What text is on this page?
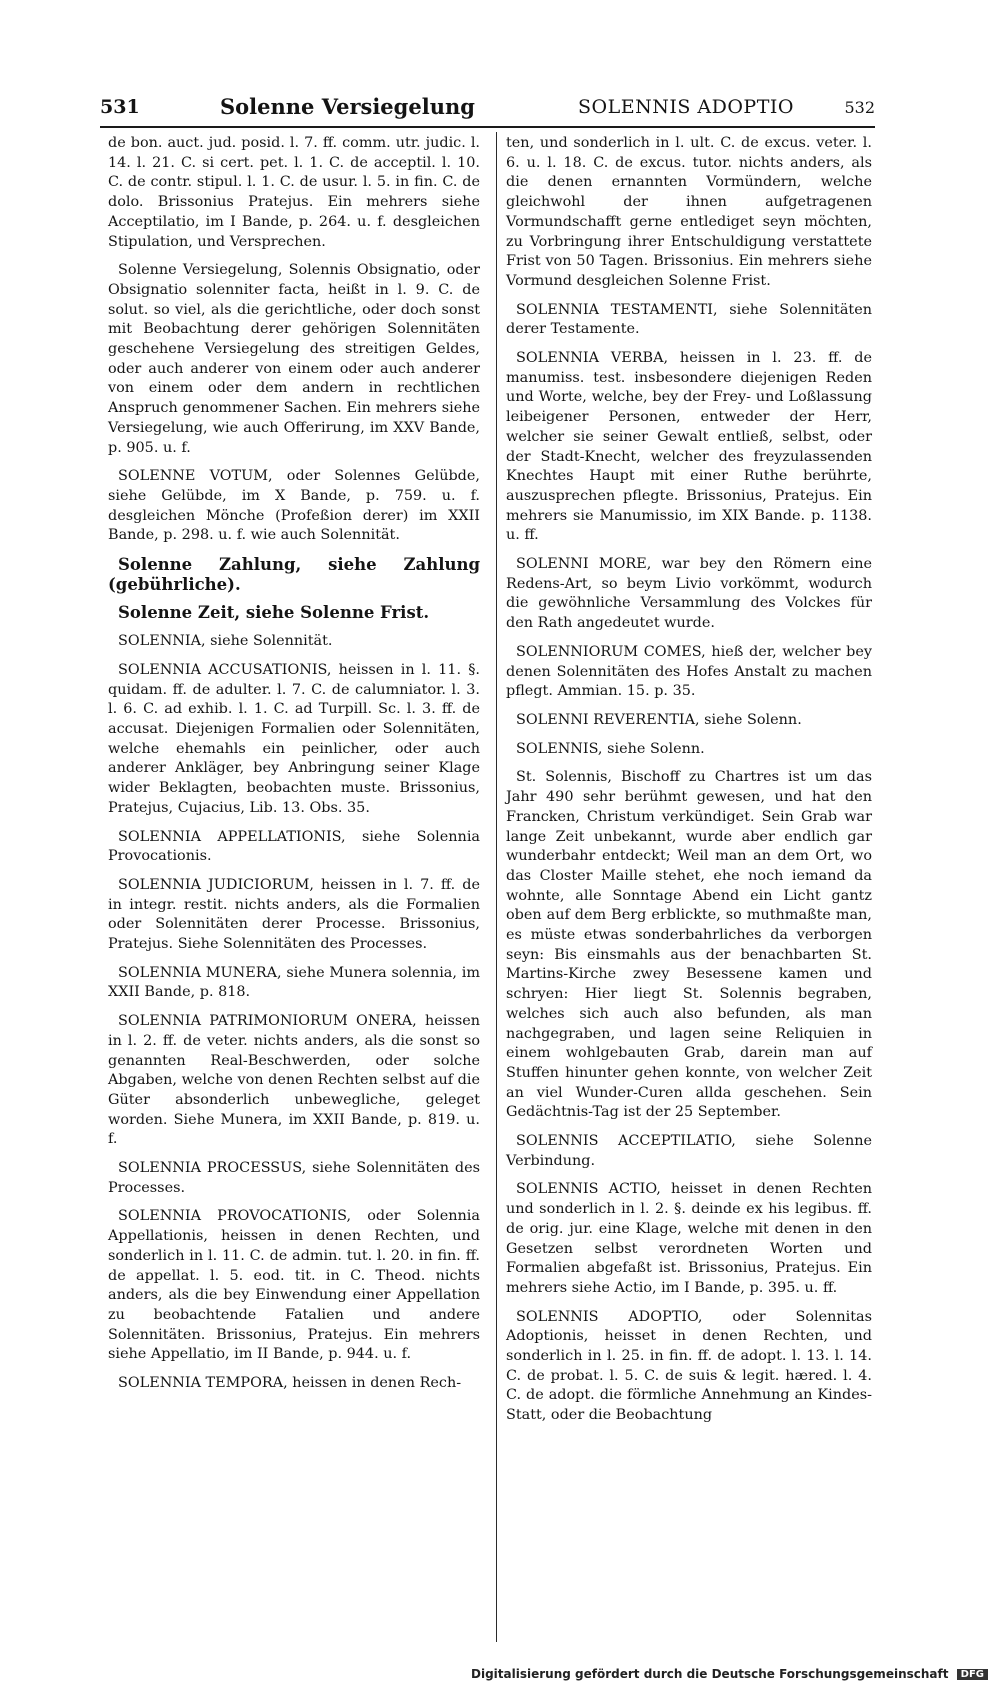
531	Solenne Versiegelung	SOLENNIS ADOPTIO	532

de bon. auct. jud. posid. l. 7. ff. comm. utr. judic. l. 14. l. 21. C. si cert. pet. l. 1. C. de acceptil. l. 10. C. de contr. stipul. l. 1. C. de usur. l. 5. in fin. C. de dolo. Brissonius Pratejus. Ein mehrers siehe Acceptilatio, im I Bande, p. 264. u. f. desgleichen Stipulation, und Versprechen.

Solenne Versiegelung, Solennis Obsignatio, oder Obsignatio solenniter facta, heißt in l. 9. C. de solut. so viel, als die gerichtliche, oder doch sonst mit Beobachtung derer gehörigen Solennitäten geschehene Versiegelung des streitigen Geldes, oder auch anderer von einem oder auch anderer von einem oder dem andern in rechtlichen Anspruch genommener Sachen. Ein mehrers siehe Versiegelung, wie auch Offerirung, im XXV Bande, p. 905. u. f.

SOLENNE VOTUM, oder Solennes Gelübde, siehe Gelübde, im X Bande, p. 759. u. f. desgleichen Mönche (Profeßion derer) im XXII Bande, p. 298. u. f. wie auch Solennität.

Solenne Zahlung, siehe Zahlung (gebührliche).

Solenne Zeit, siehe Solenne Frist.

SOLENNIA, siehe Solennität.

SOLENNIA ACCUSATIONIS, heissen in l. 11. §. quidam. ff. de adulter. l. 7. C. de calumniator. l. 3. l. 6. C. ad exhib. l. 1. C. ad Turpill. Sc. l. 3. ff. de accusat. Diejenigen Formalien oder Solennitäten, welche ehemahls ein peinlicher, oder auch anderer Ankläger, bey Anbringung seiner Klage wider Beklagten, beobachten muste. Brissonius, Pratejus, Cujacius, Lib. 13. Obs. 35.

SOLENNIA APPELLATIONIS, siehe Solennia Provocationis.

SOLENNIA JUDICIORUM, heissen in l. 7. ff. de in integr. restit. nichts anders, als die Formalien oder Solennitäten derer Processe. Brissonius, Pratejus. Siehe Solennitäten des Processes.

SOLENNIA MUNERA, siehe Munera solennia, im XXII Bande, p. 818.

SOLENNIA PATRIMONIORUM ONERA, heissen in l. 2. ff. de veter. nichts anders, als die sonst so genannten Real-Beschwerden, oder solche Abgaben, welche von denen Rechten selbst auf die Güter absonderlich unbewegliche, geleget worden. Siehe Munera, im XXII Bande, p. 819. u. f.

SOLENNIA PROCESSUS, siehe Solennitäten des Processes.

SOLENNIA PROVOCATIONIS, oder Solennia Appellationis, heissen in denen Rechten, und sonderlich in l. 11. C. de admin. tut. l. 20. in fin. ff. de appellat. l. 5. eod. tit. in C. Theod. nichts anders, als die bey Einwendung einer Appellation zu beobachtende Fatalien und andere Solennitäten. Brissonius, Pratejus. Ein mehrers siehe Appellatio, im II Bande, p. 944. u. f.

SOLENNIA TEMPORA, heissen in denen Rech-

ten, und sonderlich in l. ult. C. de excus. veter. l. 6. u. l. 18. C. de excus. tutor. nichts anders, als die denen ernannten Vormündern, welche gleichwohl der ihnen aufgetragenen Vormundschafft gerne entlediget seyn möchten, zu Vorbringung ihrer Entschuldigung verstattete Frist von 50 Tagen. Brissonius. Ein mehrers siehe Vormund desgleichen Solenne Frist.

SOLENNIA TESTAMENTI, siehe Solennitäten derer Testamente.

SOLENNIA VERBA, heissen in l. 23. ff. de manumiss. test. insbesondere diejenigen Reden und Worte, welche, bey der Frey- und Loßlassung leibeigener Personen, entweder der Herr, welcher sie seiner Gewalt entließ, selbst, oder der Stadt-Knecht, welcher des freyzulassenden Knechtes Haupt mit einer Ruthe berührte, auszusprechen pflegte. Brissonius, Pratejus. Ein mehrers sie Manumissio, im XIX Bande. p. 1138. u. ff.

SOLENNI MORE, war bey den Römern eine Redens-Art, so beym Livio vorkömmt, wodurch die gewöhnliche Versammlung des Volckes für den Rath angedeutet wurde.

SOLENNIORUM COMES, hieß der, welcher bey denen Solennitäten des Hofes Anstalt zu machen pflegt. Ammian. 15. p. 35.

SOLENNI REVERENTIA, siehe Solenn.

SOLENNIS, siehe Solenn.

St. Solennis, Bischoff zu Chartres ist um das Jahr 490 sehr berühmt gewesen, und hat den Francken, Christum verkündiget. Sein Grab war lange Zeit unbekannt, wurde aber endlich gar wunderbahr entdeckt; Weil man an dem Ort, wo das Closter Maille stehet, ehe noch iemand da wohnte, alle Sonntage Abend ein Licht gantz oben auf dem Berg erblickte, so muthmaßte man, es müste etwas sonderbahrliches da verborgen seyn: Bis einsmahls aus der benachbarten St. Martins-Kirche zwey Besessene kamen und schryen: Hier liegt St. Solennis begraben, welches sich auch also befunden, als man nachgegraben, und lagen seine Reliquien in einem wohlgebauten Grab, darein man auf Stuffen hinunter gehen konnte, von welcher Zeit an viel Wunder-Curen allda geschehen. Sein Gedächtnis-Tag ist der 25 September.

SOLENNIS ACCEPTILATIO, siehe Solenne Verbindung.

SOLENNIS ACTIO, heisset in denen Rechten und sonderlich in l. 2. §. deinde ex his legibus. ff. de orig. jur. eine Klage, welche mit denen in den Gesetzen selbst verordneten Worten und Formalien abgefaßt ist. Brissonius, Pratejus. Ein mehrers siehe Actio, im I Bande, p. 395. u. ff.

SOLENNIS ADOPTIO, oder Solennitas Adoptionis, heisset in denen Rechten, und sonderlich in l. 25. in fin. ff. de adopt. l. 13. l. 14. C. de probat. l. 5. C. de suis & legit. hæred. l. 4. C. de adopt. die förmliche Annehmung an Kindes-Statt, oder die Beobachtung

Digitalisierung gefördert durch die Deutsche Forschungsgemeinschaft DFG
